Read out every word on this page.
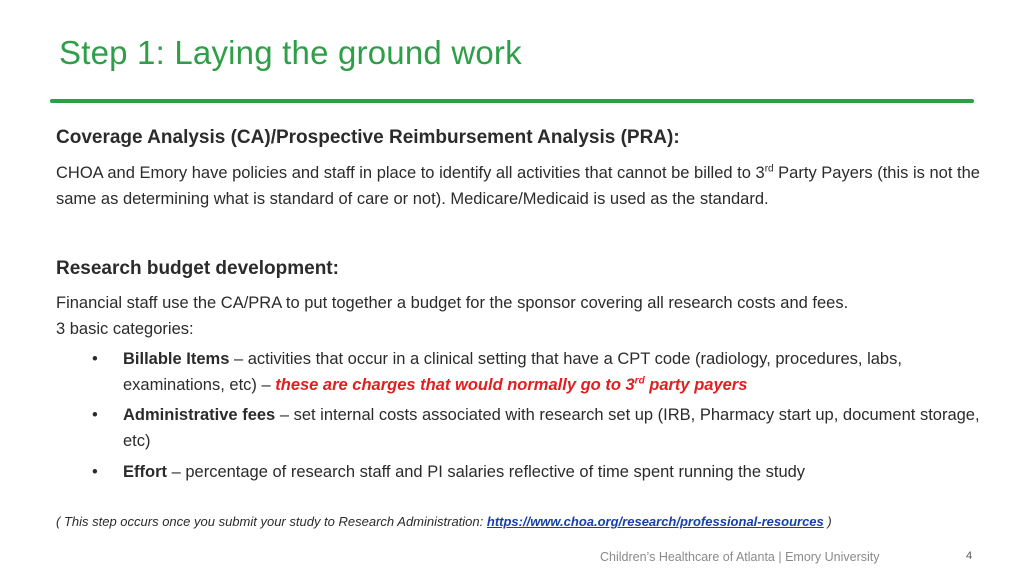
Step 1: Laying the ground work
Coverage Analysis (CA)/Prospective Reimbursement Analysis (PRA):
CHOA and Emory have policies and staff in place to identify all activities that cannot be billed to 3rd Party Payers (this is not the same as determining what is standard of care or not). Medicare/Medicaid is used as the standard.
Research budget development:
Financial staff use the CA/PRA to put together a budget for the sponsor covering all research costs and fees.
3 basic categories:
•	Billable Items – activities that occur in a clinical setting that have a CPT code (radiology, procedures, labs, examinations, etc) – these are charges that would normally go to 3rd party payers
•	Administrative fees – set internal costs associated with research set up (IRB, Pharmacy start up, document storage, etc)
•	Effort – percentage of research staff and PI salaries reflective of time spent running the study
( This step occurs once you submit your study to Research Administration: https://www.choa.org/research/professional-resources )
Children’s Healthcare of Atlanta | Emory University	4
